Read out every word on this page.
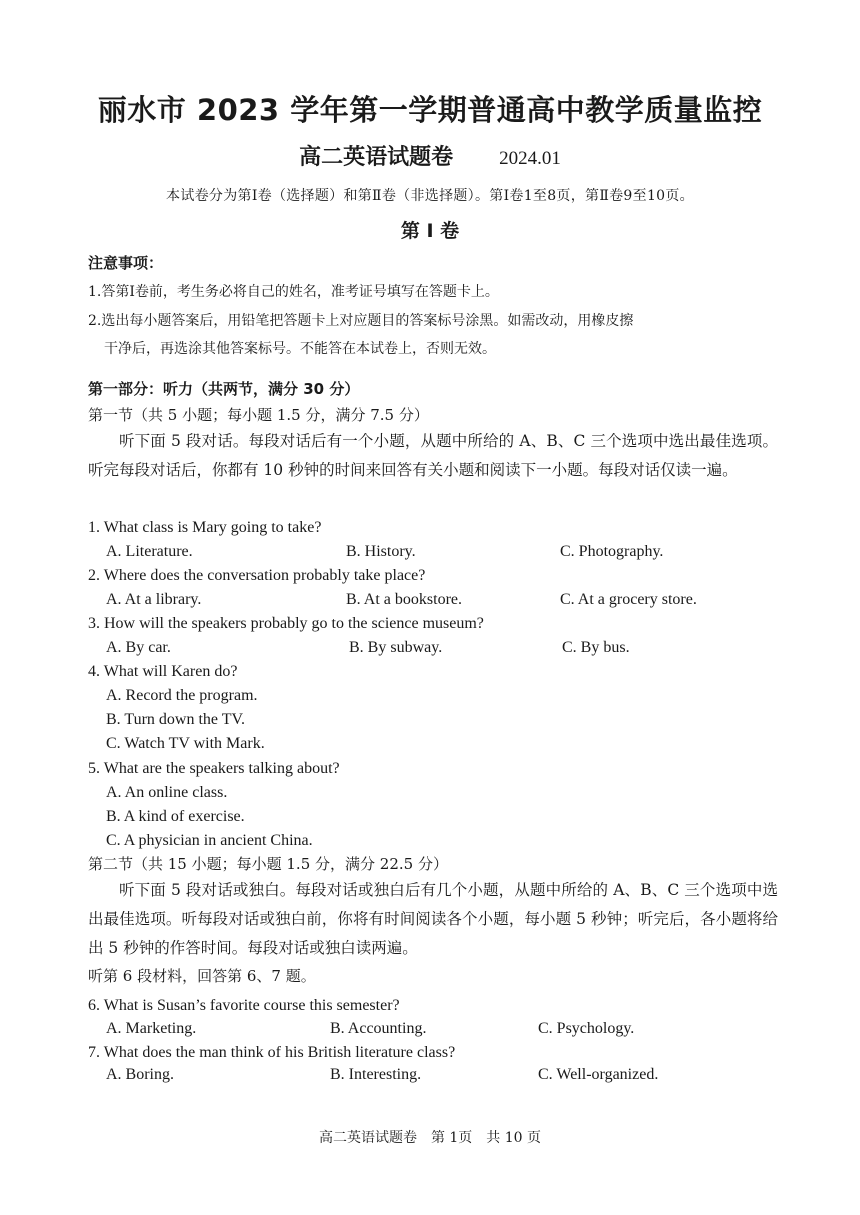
丽水市 2023 学年第一学期普通高中教学质量监控
高二英语试题卷 2024.01
本试卷分为第Ⅰ卷（选择题）和第Ⅱ卷（非选择题）。第Ⅰ卷1至8页，第Ⅱ卷9至10页。
第 I 卷
注意事项：
1.答第Ⅰ卷前，考生务必将自己的姓名，准考证号填写在答题卡上。
2.选出每小题答案后，用铅笔把答题卡上对应题目的答案标号涂黑。如需改动，用橡皮擦
干净后，再选涂其他答案标号。不能答在本试卷上，否则无效。
第一部分：听力（共两节，满分 30 分）
第一节（共 5 小题；每小题 1.5 分，满分 7.5 分）
听下面 5 段对话。每段对话后有一个小题，从题中所给的 A、B、C 三个选项中选出最佳选项。听完每段对话后，你都有 10 秒钟的时间来回答有关小题和阅读下一小题。每段对话仅读一遍。
1. What class is Mary going to take?
A. Literature.	B. History.	C. Photography.
2. Where does the conversation probably take place?
A. At a library.	B. At a bookstore.	C. At a grocery store.
3. How will the speakers probably go to the science museum?
A. By car.	B. By subway.	C. By bus.
4. What will Karen do?
A. Record the program.
B. Turn down the TV.
C. Watch TV with Mark.
5. What are the speakers talking about?
A. An online class.
B. A kind of exercise.
C. A physician in ancient China.
第二节（共 15 小题；每小题 1.5 分，满分 22.5 分）
听下面 5 段对话或独白。每段对话或独白后有几个小题，从题中所给的 A、B、C 三个选项中选出最佳选项。听每段对话或独白前，你将有时间阅读各个小题，每小题 5 秒钟；听完后，各小题将给出 5 秒钟的作答时间。每段对话或独白读两遍。
听第 6 段材料，回答第 6、7 题。
6. What is Susan’s favorite course this semester?
A. Marketing.	B. Accounting.	C. Psychology.
7. What does the man think of his British literature class?
A. Boring.	B. Interesting.	C. Well-organized.
高二英语试题卷　第 1页　共 10 页
